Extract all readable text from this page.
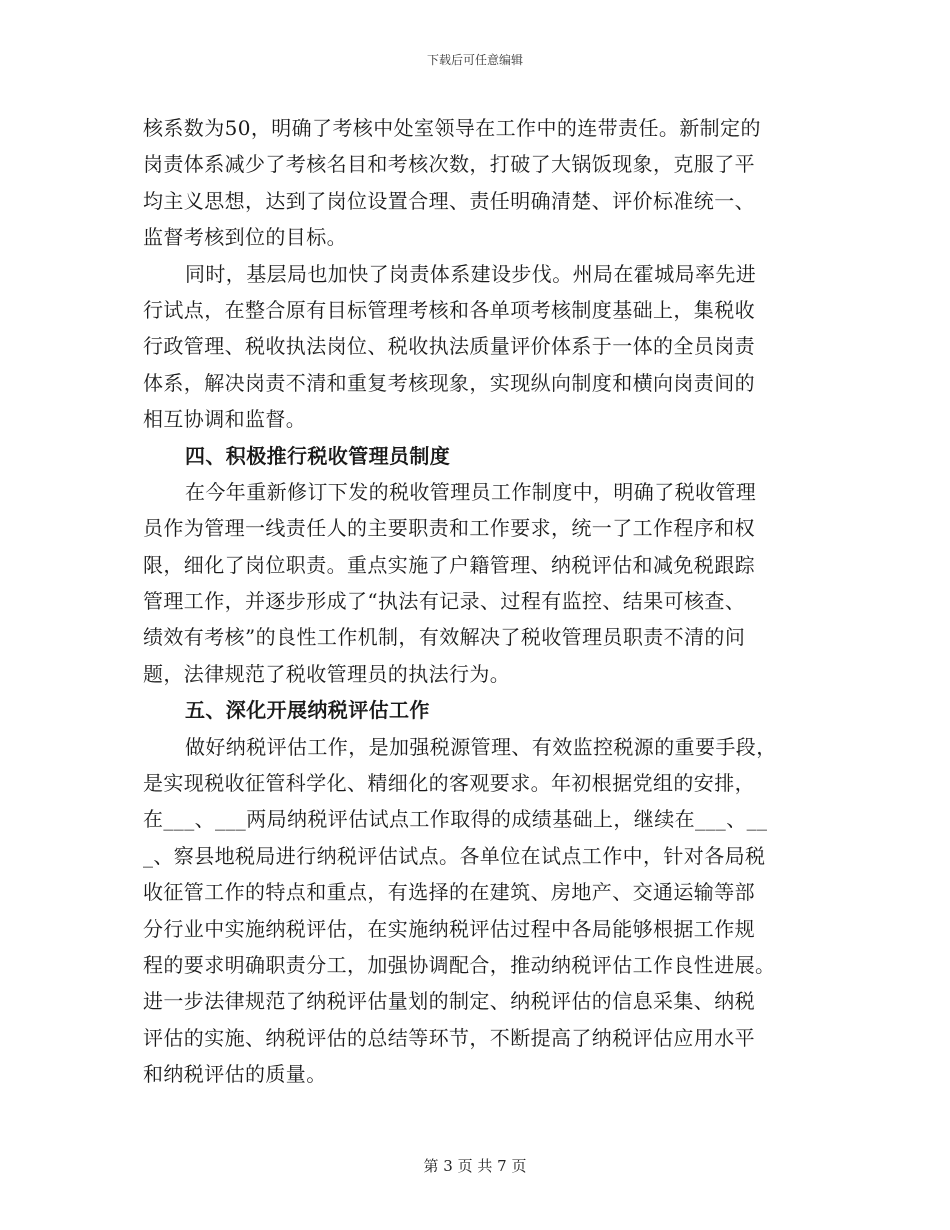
下载后可任意编辑
核系数为50，明确了考核中处室领导在工作中的连带责任。新制定的
岗责体系减少了考核名目和考核次数，打破了大锅饭现象，克服了平
均主义思想，达到了岗位设置合理、责任明确清楚、评价标准统一、
监督考核到位的目标。
同时，基层局也加快了岗责体系建设步伐。州局在霍城局率先进
行试点，在整合原有目标管理考核和各单项考核制度基础上，集税收
行政管理、税收执法岗位、税收执法质量评价体系于一体的全员岗责
体系，解决岗责不清和重复考核现象，实现纵向制度和横向岗责间的
相互协调和监督。
四、积极推行税收管理员制度
在今年重新修订下发的税收管理员工作制度中，明确了税收管理
员作为管理一线责任人的主要职责和工作要求，统一了工作程序和权
限，细化了岗位职责。重点实施了户籍管理、纳税评估和减免税跟踪
管理工作，并逐步形成了“执法有记录、过程有监控、结果可核查、
绩效有考核”的良性工作机制，有效解决了税收管理员职责不清的问
题，法律规范了税收管理员的执法行为。
五、深化开展纳税评估工作
做好纳税评估工作，是加强税源管理、有效监控税源的重要手段，
是实现税收征管科学化、精细化的客观要求。年初根据党组的安排，
在___、___两局纳税评估试点工作取得的成绩基础上，继续在___、__
_、察县地税局进行纳税评估试点。各单位在试点工作中，针对各局税
收征管工作的特点和重点，有选择的在建筑、房地产、交通运输等部
分行业中实施纳税评估，在实施纳税评估过程中各局能够根据工作规
程的要求明确职责分工，加强协调配合，推动纳税评估工作良性进展。
进一步法律规范了纳税评估量划的制定、纳税评估的信息采集、纳税
评估的实施、纳税评估的总结等环节，不断提高了纳税评估应用水平
和纳税评估的质量。
第 3 页 共 7 页
